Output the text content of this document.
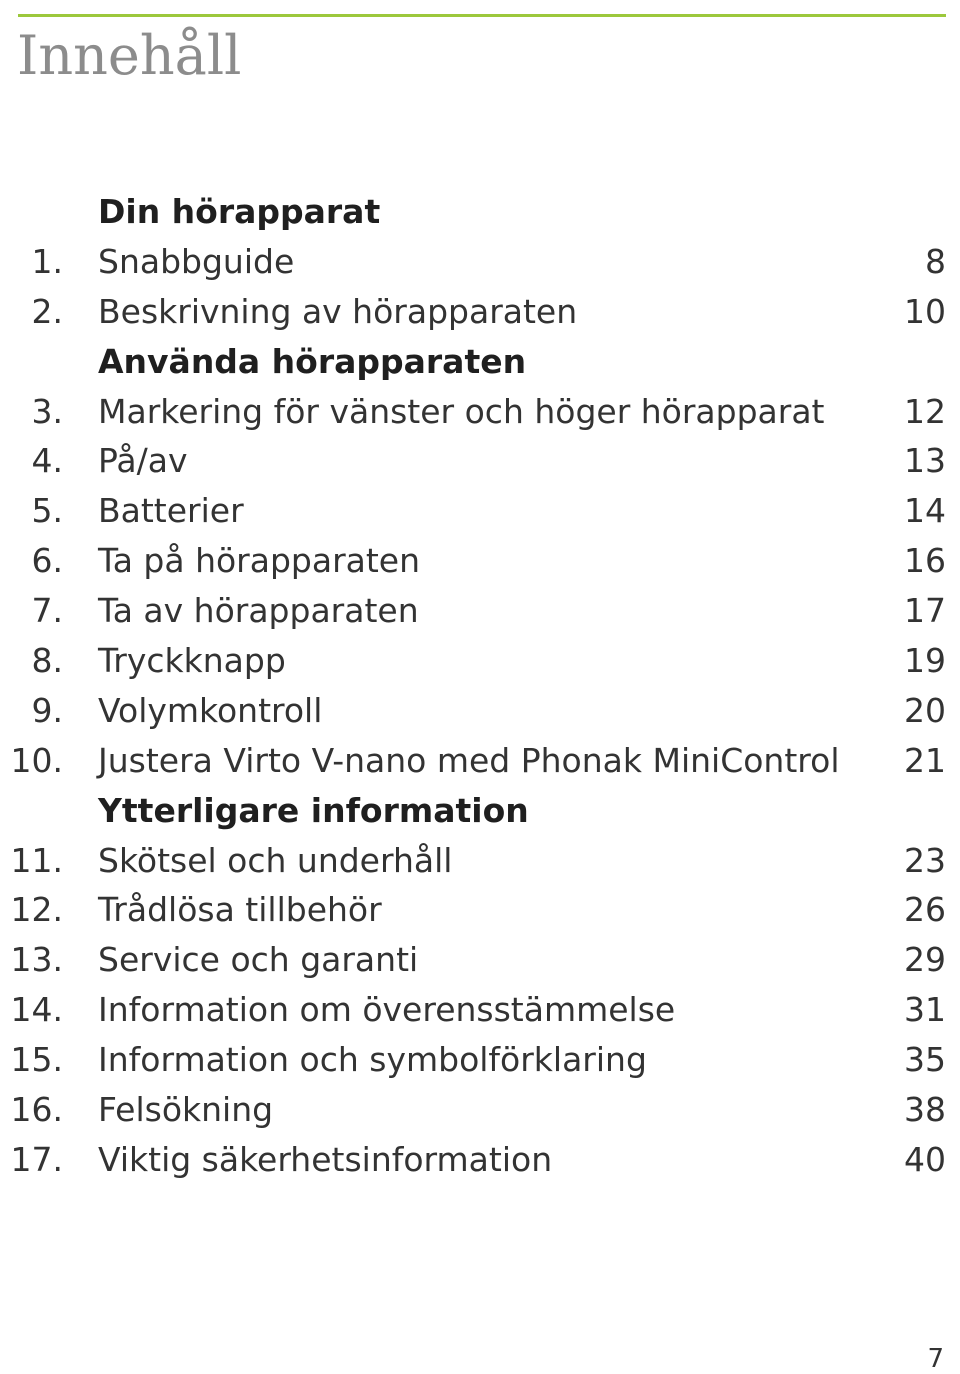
Innehåll
Din hörapparat
1. Snabbguide	8
2. Beskrivning av hörapparaten	10
Använda hörapparaten
3. Markering för vänster och höger hörapparat 12
4. På/av	13
5. Batterier	14
6. Ta på hörapparaten	16
7. Ta av hörapparaten	17
8. Tryckknapp	19
9. Volymkontroll	20
10. Justera Virto V-nano med Phonak MiniControl 21
Ytterligare information
11. Skötsel och underhåll	23
12. Trådlösa tillbehör	26
13. Service och garanti	29
14. Information om överensstämmelse	31
15. Information och symbolförklaring	35
16. Felsökning	38
17. Viktig säkerhetsinformation	40
7
